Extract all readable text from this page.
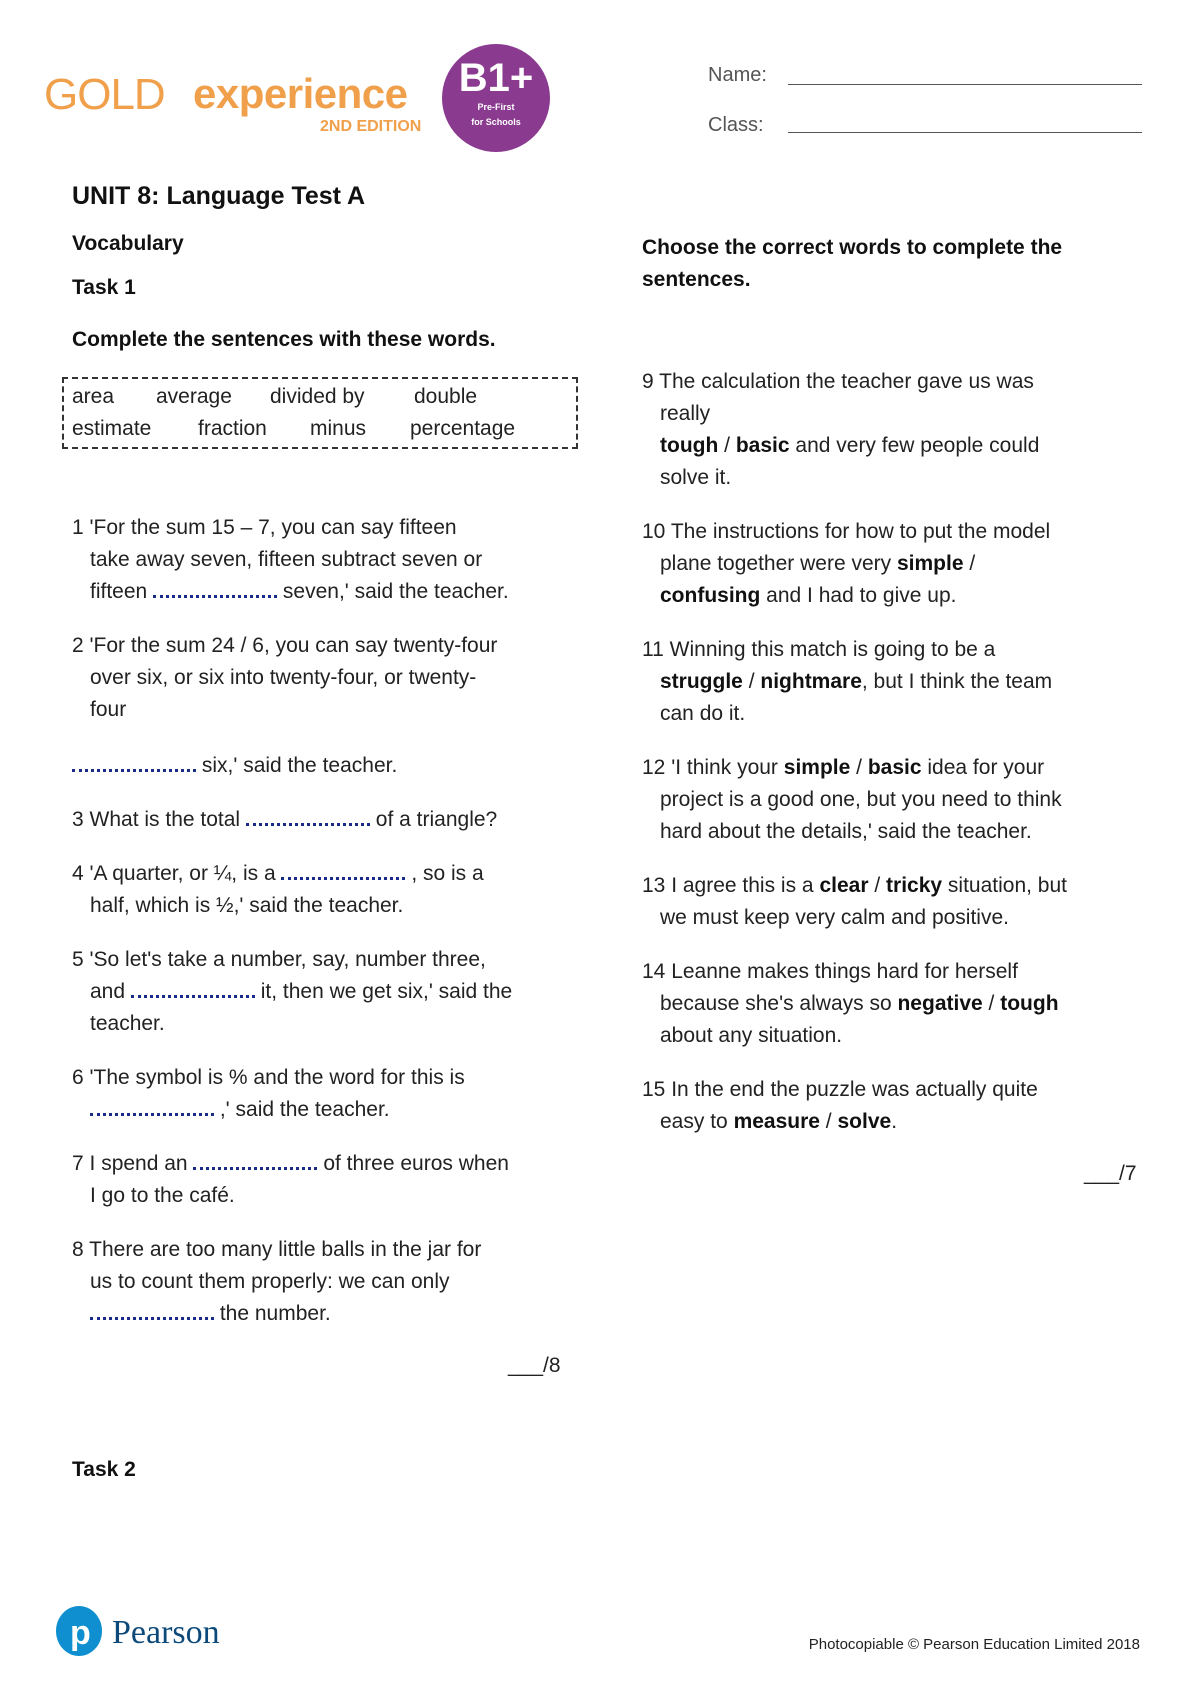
GOLD experience
2ND EDITION
B1+
Pre-First
for Schools
Name:
Class:
UNIT 8: Language Test A
Vocabulary
Task 1
Complete the sentences with these words.
area average divided by double
estimate fraction minus percentage
1 'For the sum 15 – 7, you can say fifteen
take away seven, fifteen subtract seven or
fifteen	seven,' said the teacher.
2 'For the sum 24 / 6, you can say twenty-four
over six, or six into twenty-four, or twenty-
four
six,' said the teacher.
3 What is the total	of a triangle?
4 'A quarter, or ¼, is a	, so is a
half, which is ½,' said the teacher.
5 'So let's take a number, say, number three,
and	it, then we get six,' said the
teacher.
6 'The symbol is % and the word for this is
,' said the teacher.
7 I spend an	of three euros when
I go to the café.
8 There are too many little balls in the jar for
us to count them properly: we can only
the number.
___/8
Task 2
Choose the correct words to complete the
sentences.
9 The calculation the teacher gave us was
really
tough / basic and very few people could
solve it.
10 The instructions for how to put the model
plane together were very simple /
confusing and I had to give up.
11 Winning this match is going to be a
struggle / nightmare, but I think the team
can do it.
12 'I think your simple / basic idea for your
project is a good one, but you need to think
hard about the details,' said the teacher.
13 I agree this is a clear / tricky situation, but
we must keep very calm and positive.
14 Leanne makes things hard for herself
because she's always so negative / tough
about any situation.
15 In the end the puzzle was actually quite
easy to measure / solve.
___/7
p Pearson	Photocopiable © Pearson Education Limited 2018
